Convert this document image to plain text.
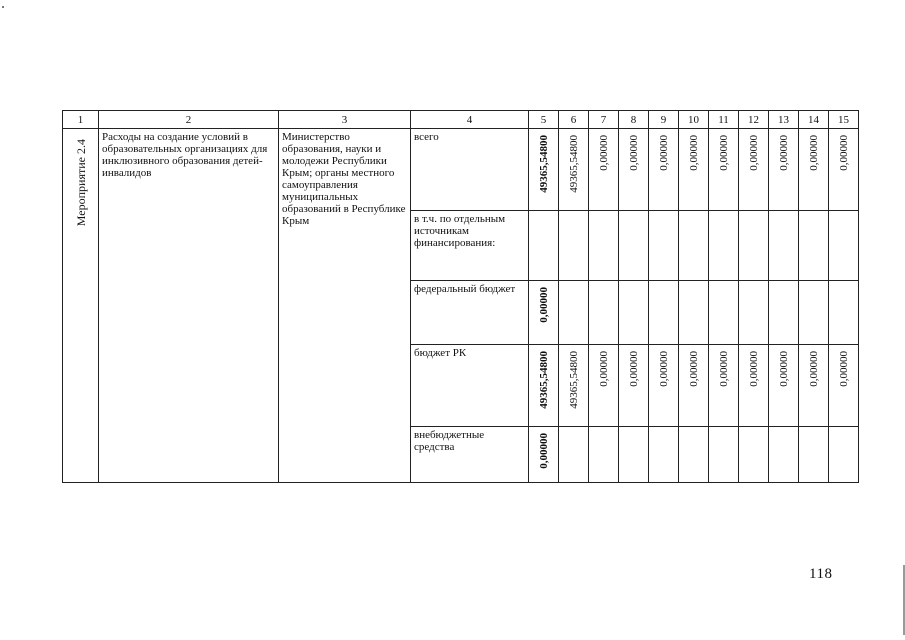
1	2	3	4	5	6	7	8	9	10	11	12	13	14	15

Мероприятие 2.4	Расходы на создание условий в образовательных организациях для инклюзивного образования детей-инвалидов	Министерство образования, науки и молодежи Республики Крым; органы местного самоуправления муниципальных образований в Республике Крым	всего	49365,54800	49365,54800	0,00000	0,00000	0,00000	0,00000	0,00000	0,00000	0,00000	0,00000	0,00000

			в т.ч. по отдельным источникам финансирования:											

			федеральный бюджет	0,00000										

			бюджет РК	49365,54800	49365,54800	0,00000	0,00000	0,00000	0,00000	0,00000	0,00000	0,00000	0,00000	0,00000

			внебюджетные средства	0,00000										

118
